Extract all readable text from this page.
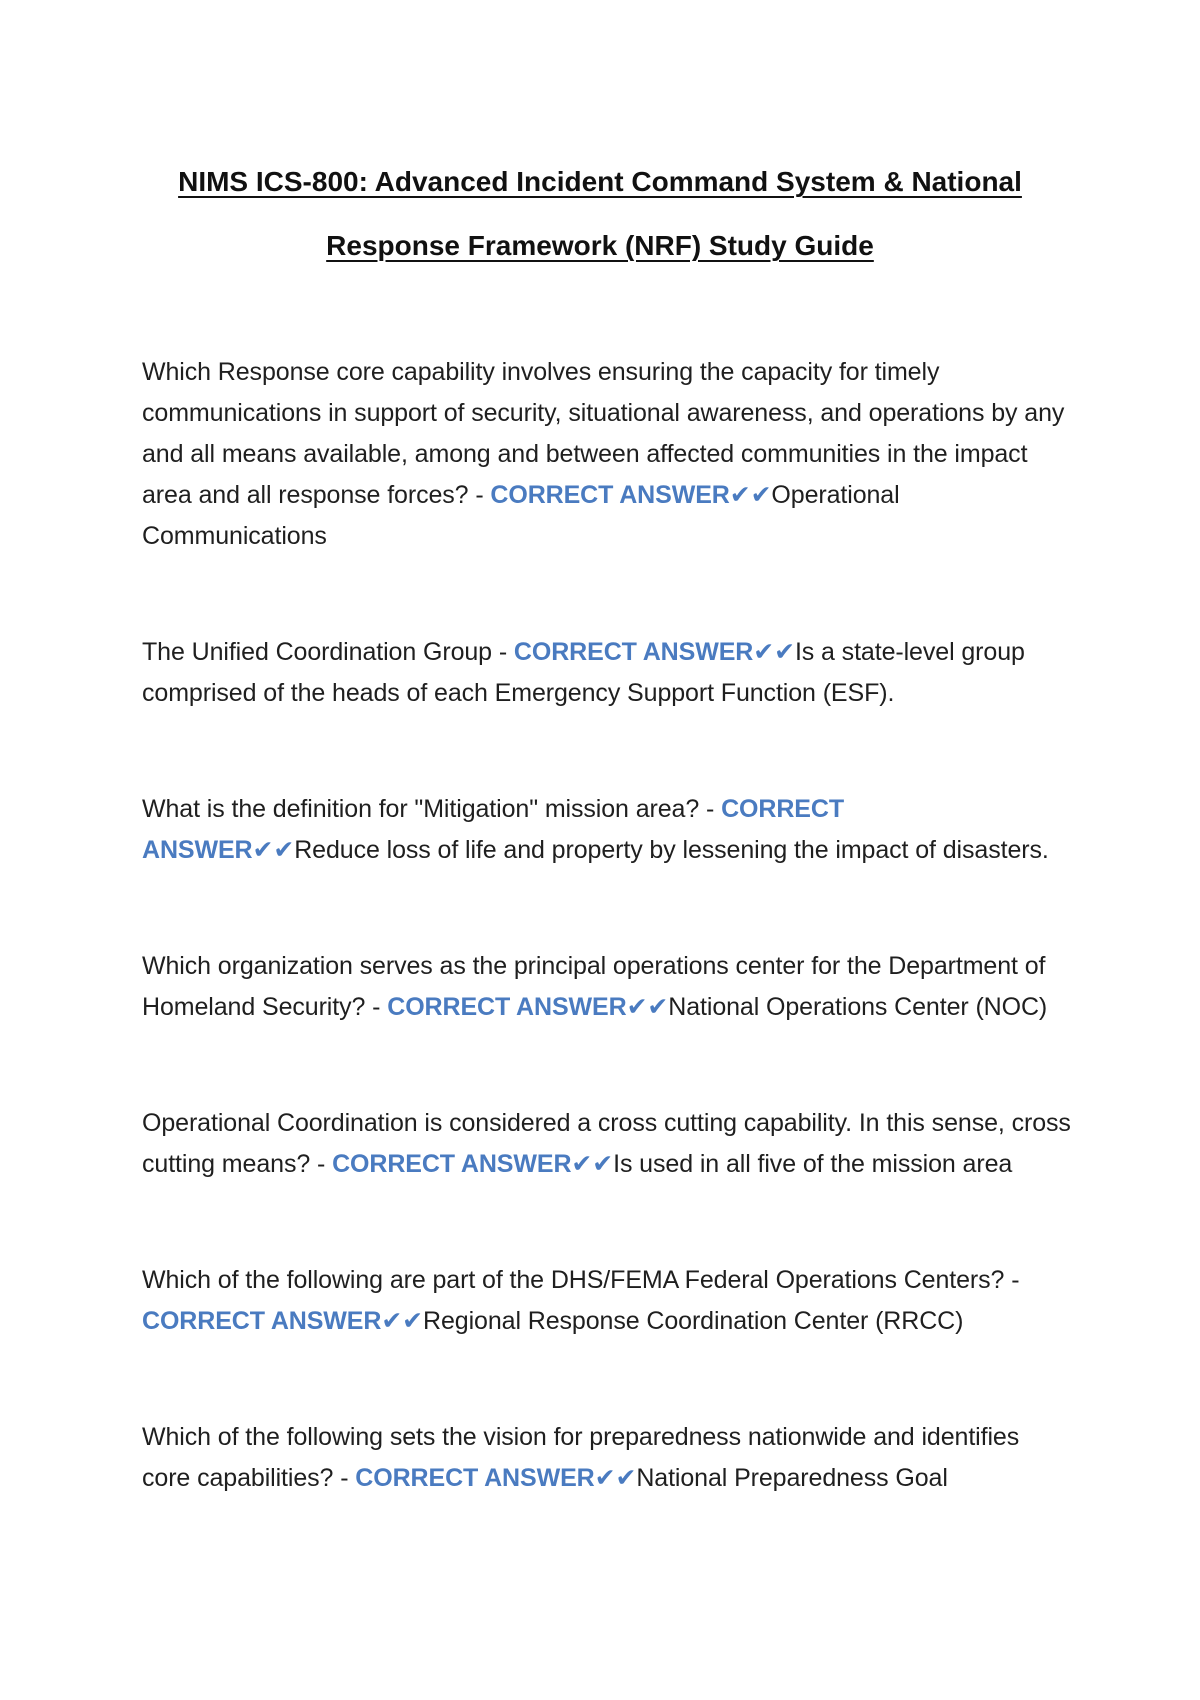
NIMS ICS-800: Advanced Incident Command System & National
Response Framework (NRF) Study Guide
Which Response core capability involves ensuring the capacity for timely communications in support of security, situational awareness, and operations by any and all means available, among and between affected communities in the impact area and all response forces? - CORRECT ANSWER✔✔Operational Communications
The Unified Coordination Group - CORRECT ANSWER✔✔Is a state-level group comprised of the heads of each Emergency Support Function (ESF).
What is the definition for "Mitigation" mission area? - CORRECT ANSWER✔✔Reduce loss of life and property by lessening the impact of disasters.
Which organization serves as the principal operations center for the Department of Homeland Security? - CORRECT ANSWER✔✔National Operations Center (NOC)
Operational Coordination is considered a cross cutting capability. In this sense, cross cutting means? - CORRECT ANSWER✔✔Is used in all five of the mission area
Which of the following are part of the DHS/FEMA Federal Operations Centers? - CORRECT ANSWER✔✔Regional Response Coordination Center (RRCC)
Which of the following sets the vision for preparedness nationwide and identifies core capabilities? - CORRECT ANSWER✔✔National Preparedness Goal
